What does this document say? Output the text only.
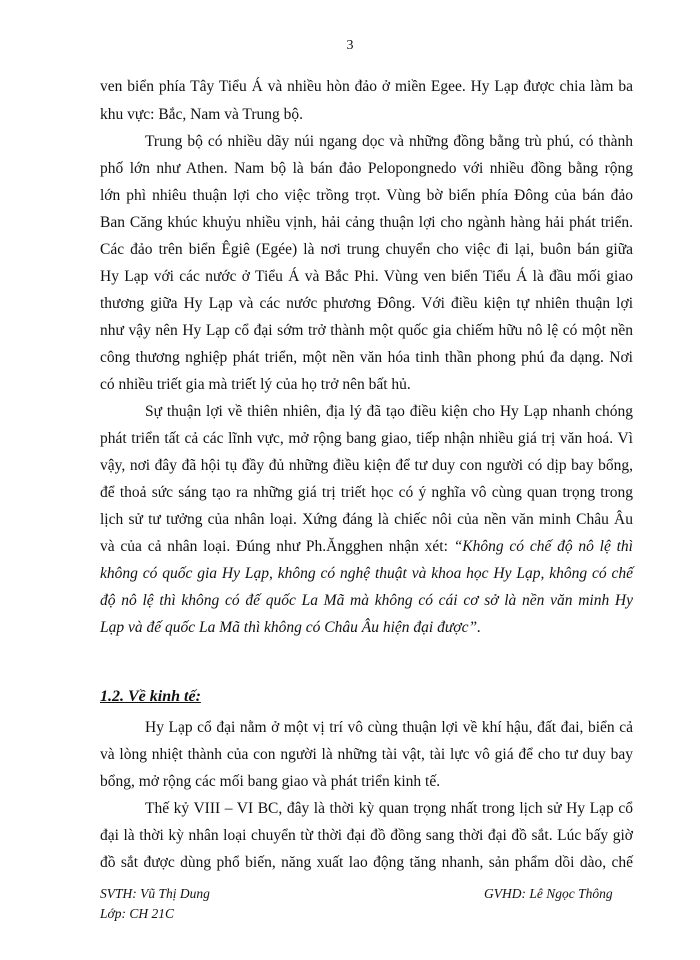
3
ven biển phía Tây Tiểu Á và nhiều hòn đảo ở miền Egee. Hy Lạp được chia làm ba
khu vực: Bắc, Nam và Trung bộ.
Trung bộ có nhiều dãy núi ngang dọc và những đồng bằng trù phú, có thành
phố lớn như Athen. Nam bộ là bán đảo Pelopongnedo với nhiều đồng bằng rộng
lớn phì nhiêu thuận lợi cho việc trồng trọt. Vùng bờ biển phía Đông của bán đảo
Ban Căng khúc khuỷu nhiều vịnh, hải cảng thuận lợi cho ngành hàng hải phát triển.
Các đảo trên biển Êgiê (Egée) là nơi trung chuyển cho việc đi lại, buôn bán giữa
Hy Lạp với các nước ở Tiểu Á và Bắc Phi. Vùng ven biển Tiểu Á là đầu mối giao
thương giữa Hy Lạp và các nước phương Đông. Với điều kiện tự nhiên thuận lợi
như vậy nên Hy Lạp cổ đại sớm trở thành một quốc gia chiếm hữu nô lệ có một nền
công thương nghiệp phát triển, một nền văn hóa tinh thần phong phú đa dạng. Nơi
có nhiều triết gia mà triết lý của họ trở nên bất hủ.
Sự thuận lợi về thiên nhiên, địa lý đã tạo điều kiện cho Hy Lạp nhanh chóng
phát triển tất cả các lĩnh vực, mở rộng bang giao, tiếp nhận nhiều giá trị văn hoá. Vì
vậy, nơi đây đã hội tụ đầy đủ những điều kiện để tư duy con người có dịp bay bổng,
để thoả sức sáng tạo ra những giá trị triết học có ý nghĩa vô cùng quan trọng trong
lịch sử tư tưởng của nhân loại. Xứng đáng là chiếc nôi của nền văn minh Châu Âu
và của cả nhân loại. Đúng như Ph.Ăngghen nhận xét: “Không có chế độ nô lệ thì
không có quốc gia Hy Lạp, không có nghệ thuật và khoa học Hy Lạp, không có chế
độ nô lệ thì không có đế quốc La Mã mà không có cái cơ sở là nền văn minh Hy
Lạp và đế quốc La Mã thì không có Châu Âu hiện đại được”.
1.2. Về kinh tế:
Hy Lạp cổ đại nằm ở một vị trí vô cùng thuận lợi về khí hậu, đất đai, biển cả
và lòng nhiệt thành của con người là những tài vật, tài lực vô giá để cho tư duy bay
bổng, mở rộng các mối bang giao và phát triển kinh tế.
Thế kỷ VIII – VI BC, đây là thời kỳ quan trọng nhất trong lịch sử Hy Lạp cổ
đại là thời kỳ nhân loại chuyển từ thời đại đồ đồng sang thời đại đồ sắt. Lúc bấy giờ
đồ sắt được dùng phổ biến, năng xuất lao động tăng nhanh, sản phẩm dồi dào, chế
SVTH: Vũ Thị Dung
Lớp: CH 21C
GVHD: Lê Ngọc Thông
